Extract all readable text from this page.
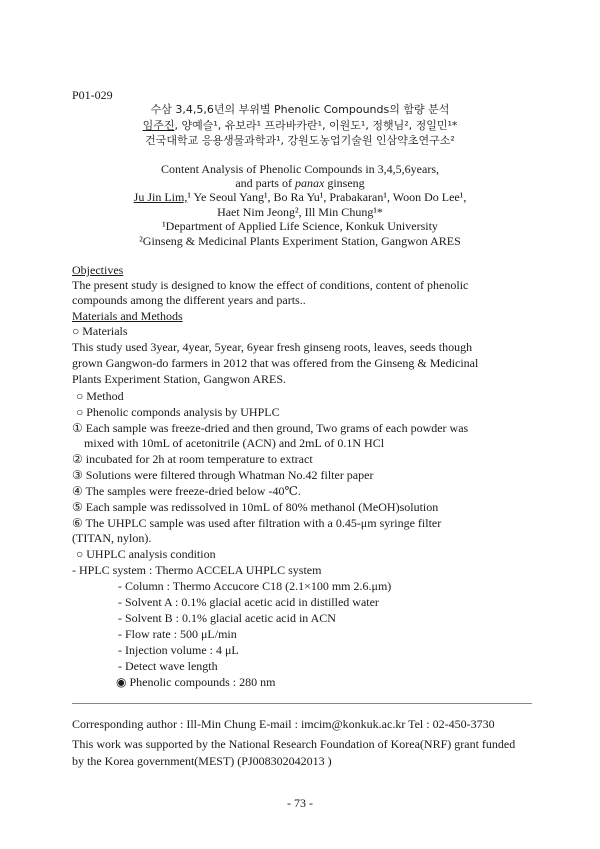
P01-029
수삼 3,4,5,6년의 부위별 Phenolic Compounds의 함량 분석
임주진, 양예슬¹, 유보라¹ 프라바카란¹, 이원도¹, 정햇님², 정일민¹*
건국대학교 응용생물과학과¹, 강원도농업기술원 인삼약초연구소²
Content Analysis of Phenolic Compounds in 3,4,5,6years,
and parts of panax ginseng
Ju Jin Lim,¹ Ye Seoul Yang¹, Bo Ra Yu¹, Prabakaran¹, Woon Do Lee¹,
Haet Nim Jeong², Ill Min Chung¹*
¹Department of Applied Life Science, Konkuk University
²Ginseng & Medicinal Plants Experiment Station, Gangwon ARES
Objectives
The present study is designed to know the effect of conditions, content of phenolic
compounds among the different years and parts..
Materials and Methods
○ Materials
This study used 3year, 4year, 5year, 6year fresh ginseng roots, leaves, seeds though
grown Gangwon-do farmers in 2012 that was offered from the Ginseng & Medicinal
Plants Experiment Station, Gangwon ARES.
○ Method
○ Phenolic componds analysis by UHPLC
① Each sample was freeze-dried and then ground, Two grams of each powder was
mixed with 10mL of acetonitrile (ACN) and 2mL of 0.1N HCl
② incubated for 2h at room temperature to extract
③ Solutions were filtered through Whatman No.42 filter paper
④ The samples were freeze-dried below -40℃.
⑤ Each sample was redissolved in 10mL of 80% methanol (MeOH)solution
⑥ The UHPLC sample was used after filtration with a 0.45-μm syringe filter
(TITAN, nylon).
○ UHPLC analysis condition
- HPLC system : Thermo ACCELA UHPLC system
- Column : Thermo Accucore C18 (2.1×100 mm 2.6.μm)
- Solvent A : 0.1% glacial acetic acid in distilled water
- Solvent B : 0.1% glacial acetic acid in ACN
- Flow rate : 500 μL/min
- Injection volume : 4 μL
- Detect wave length
◉ Phenolic compounds : 280 nm
Corresponding author : Ill-Min Chung E-mail : imcim@konkuk.ac.kr Tel : 02-450-3730
This work was supported by the National Research Foundation of Korea(NRF) grant funded
by the Korea government(MEST) (PJ008302042013 )
- 73 -
